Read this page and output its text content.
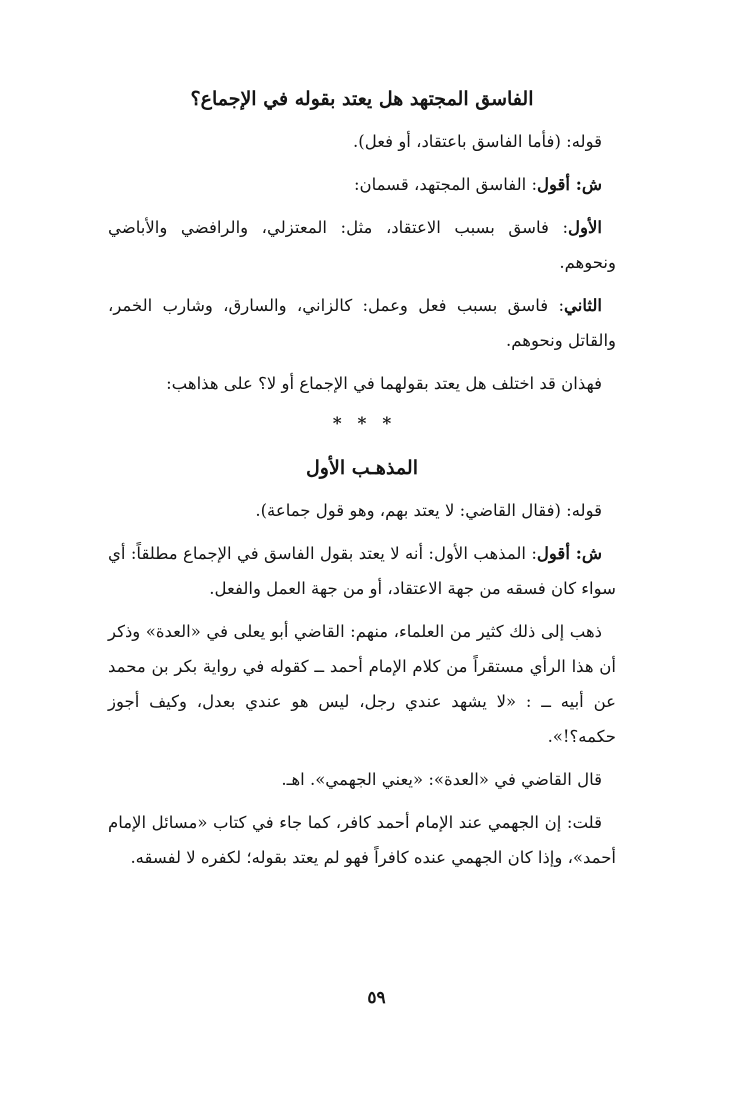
الفاسق المجتهد هل يعتد بقوله في الإجماع؟

قوله: (فأما الفاسق باعتقاد، أو فعل).

ش: أقول: الفاسق المجتهد، قسمان:

الأول: فاسق بسبب الاعتقاد، مثل: المعتزلي، والرافضي والأباضي ونحوهم.

الثاني: فاسق بسبب فعل وعمل: كالزاني، والسارق، وشارب الخمر، والقاتل ونحوهم.

فهذان قد اختلف هل يعتد بقولهما في الإجماع أو لا؟ على هذاهب:

* * *
المذهـب الأول

قوله: (فقال القاضي: لا يعتد بهم، وهو قول جماعة).

ش: أقول: المذهب الأول: أنه لا يعتد بقول الفاسق في الإجماع مطلقاً: أي سواء كان فسقه من جهة الاعتقاد، أو من جهة العمل والفعل.

ذهب إلى ذلك كثير من العلماء، منهم: القاضي أبو يعلى في «العدة» وذكر أن هذا الرأي مستقراً من كلام الإمام أحمد ــ كقوله في رواية بكر بن محمد عن أبيه ــ : «لا يشهد عندي رجل، ليس هو عندي بعدل، وكيف أجوز حكمه؟!».

قال القاضي في «العدة»: «يعني الجهمي». اهـ.

قلت: إن الجهمي عند الإمام أحمد كافر، كما جاء في كتاب «مسائل الإمام أحمد»، وإذا كان الجهمي عنده كافراً فهو لم يعتد بقوله؛ لكفره لا لفسقه.

٥٩
